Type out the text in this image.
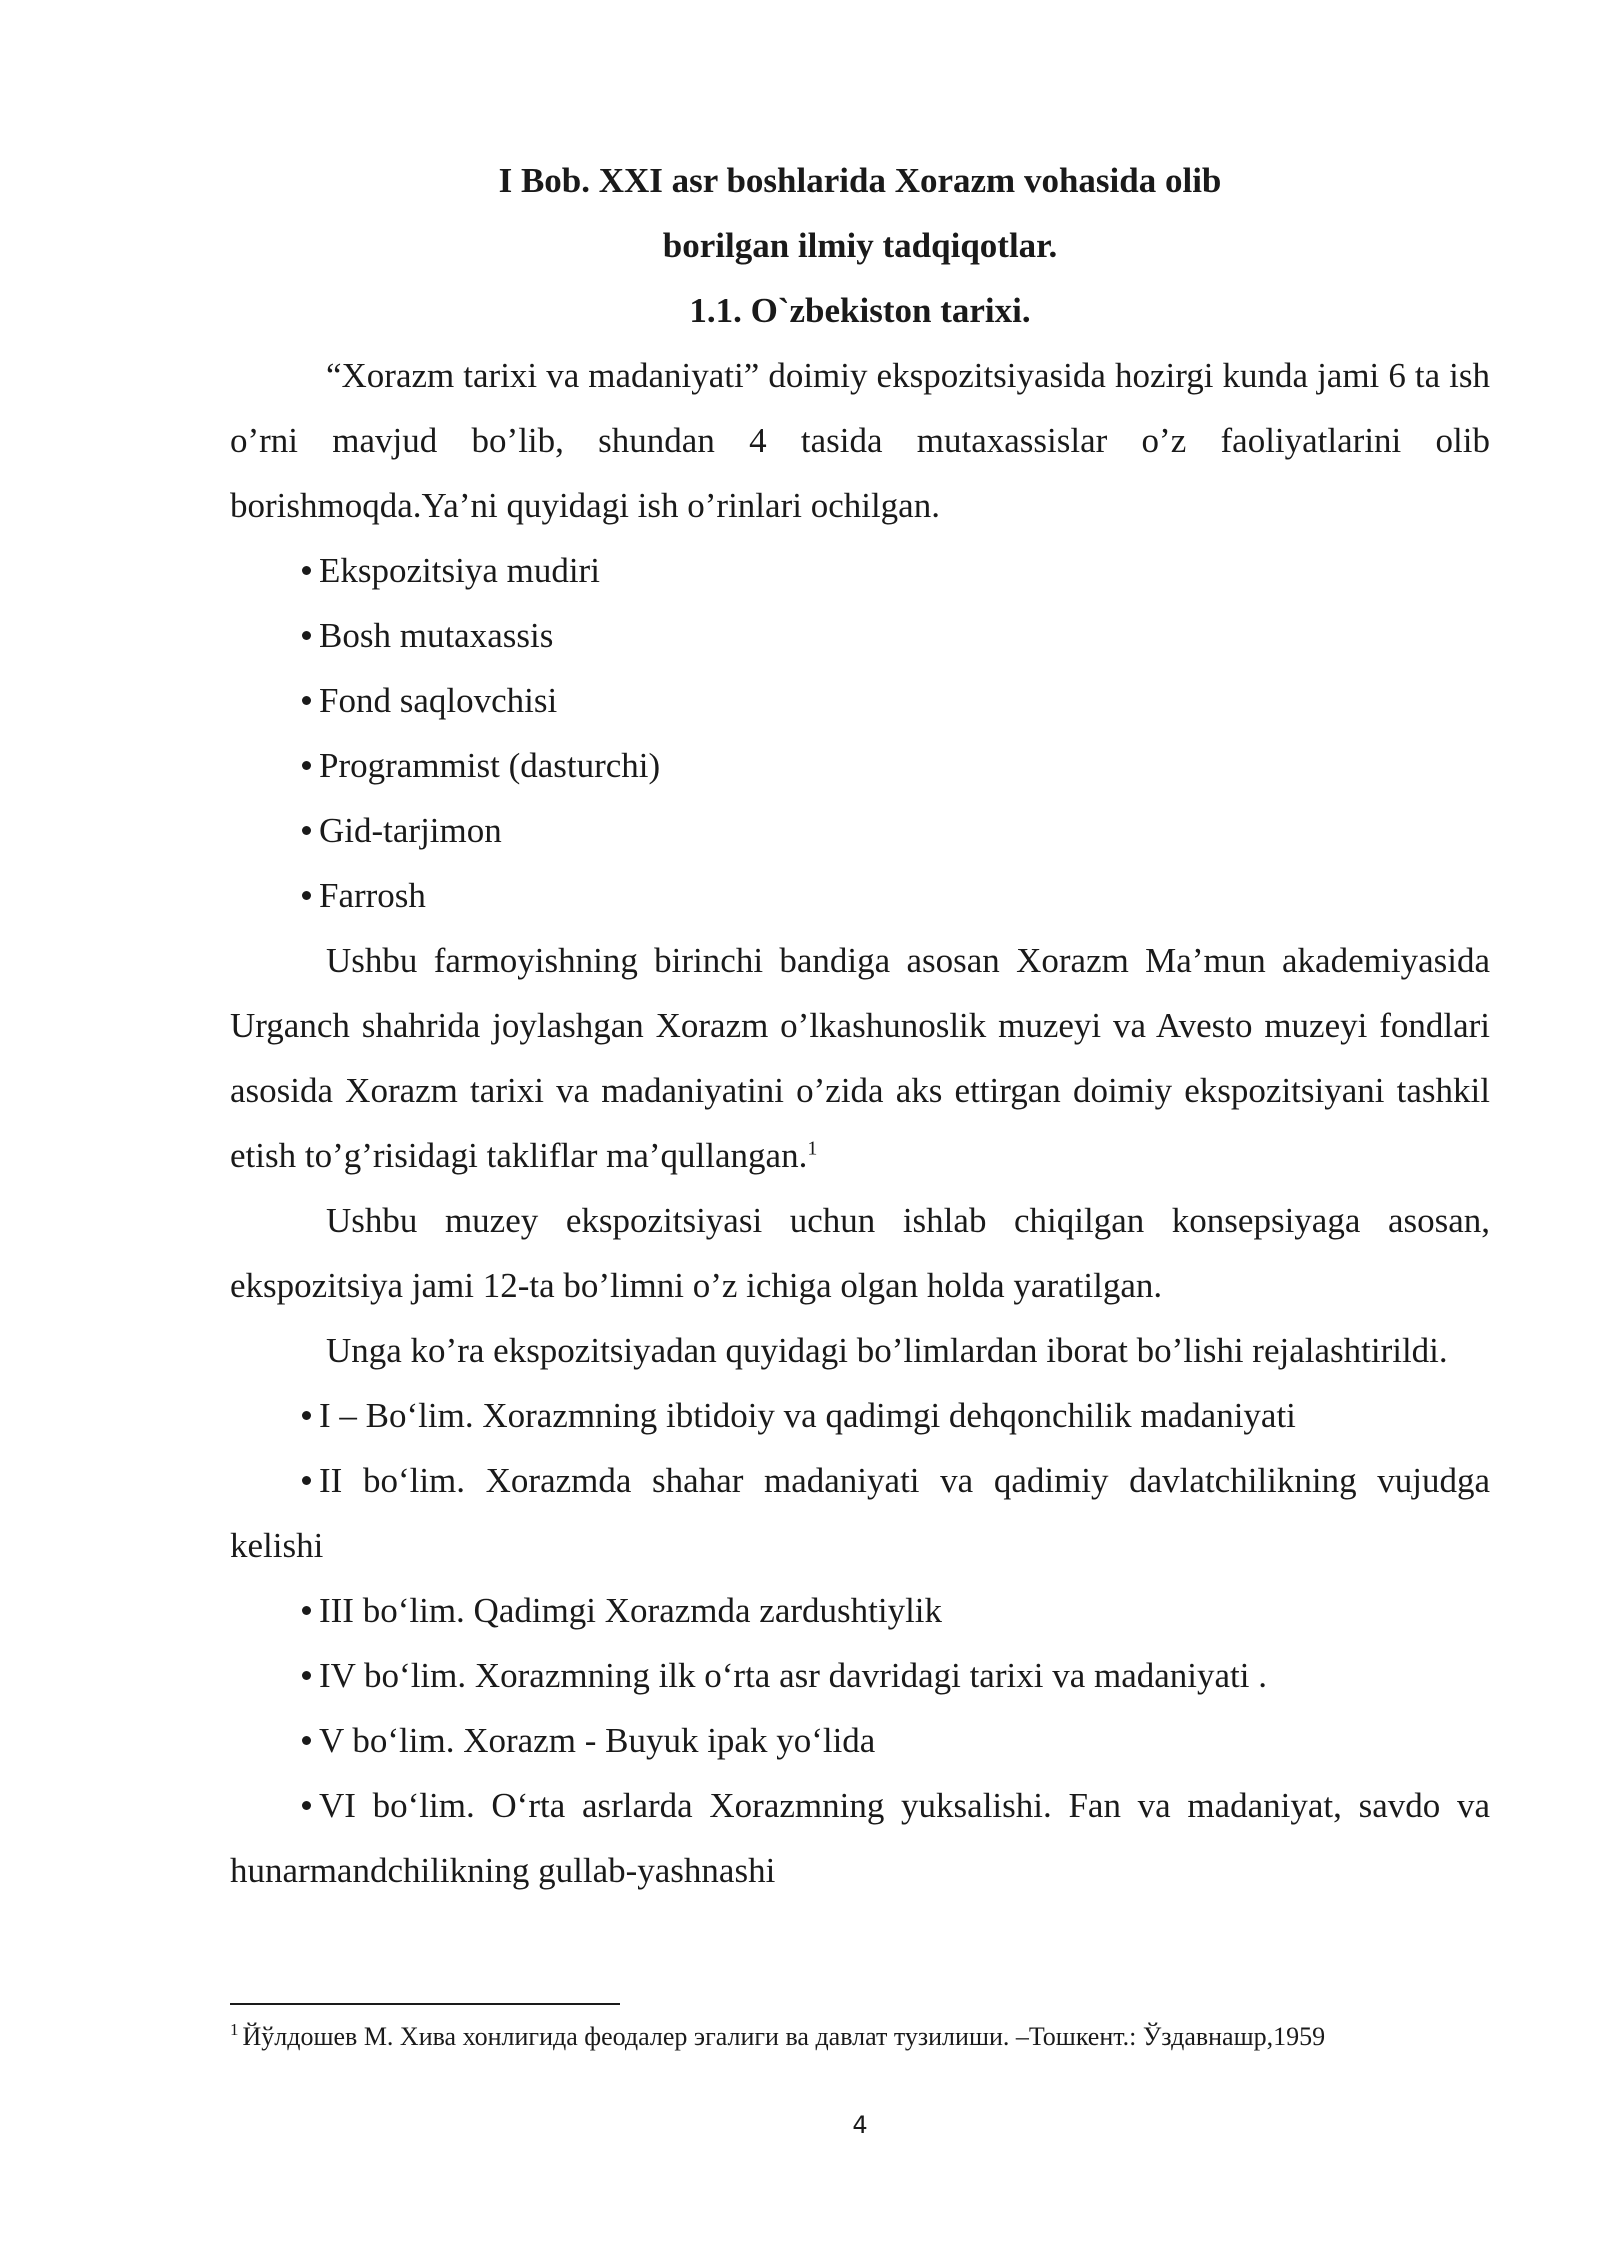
I Bob. XXI asr boshlarida Xorazm vohasida olib

borilgan ilmiy tadqiqotlar.

1.1. O`zbekiston tarixi.

“Xorazm tarixi va madaniyati” doimiy ekspozitsiyasida hozirgi kunda jami 6 ta ish o’rni mavjud bo’lib, shundan 4 tasida mutaxassislar o’z faoliyatlarini olib borishmoqda.Ya’ni quyidagi ish o’rinlari ochilgan.

Ekspozitsiya mudiri

Bosh mutaxassis

Fond saqlovchisi

Programmist (dasturchi)

Gid-tarjimon

Farrosh

Ushbu farmoyishning birinchi bandiga asosan Xorazm Ma’mun akademiyasida Urganch shahrida joylashgan Xorazm o’lkashunoslik muzeyi va Avesto muzeyi fondlari asosida Xorazm tarixi va madaniyatini o’zida aks ettirgan doimiy ekspozitsiyani tashkil etish to’g’risidagi takliflar ma’qullangan.$^1$

Ushbu muzey ekspozitsiyasi uchun ishlab chiqilgan konsepsiyaga asosan, ekspozitsiya jami 12-ta bo’limni o’z ichiga olgan holda yaratilgan.

Unga ko’ra ekspozitsiyadan quyidagi bo’limlardan iborat bo’lishi rejalashtirildi.

I – Bo‘lim. Xorazmning ibtidoiy va qadimgi dehqonchilik madaniyati

II bo‘lim. Xorazmda shahar madaniyati va qadimiy davlatchilikning vujudga kelishi

III bo‘lim. Qadimgi Xorazmda zardushtiylik

IV bo‘lim. Xorazmning ilk o‘rta asr davridagi tarixi va madaniyati .

V bo‘lim. Xorazm - Buyuk ipak yo‘lida

VI bo‘lim. O‘rta asrlarda Xorazmning yuksalishi. Fan va madaniyat, savdo va hunarmandchilikning gullab-yashnashi

$^1$ Йўлдошев М. Хива хонлигида феодалер эгалиги ва давлат тузилиши. –Тошкент.: Ўздавнашр,1959

4
